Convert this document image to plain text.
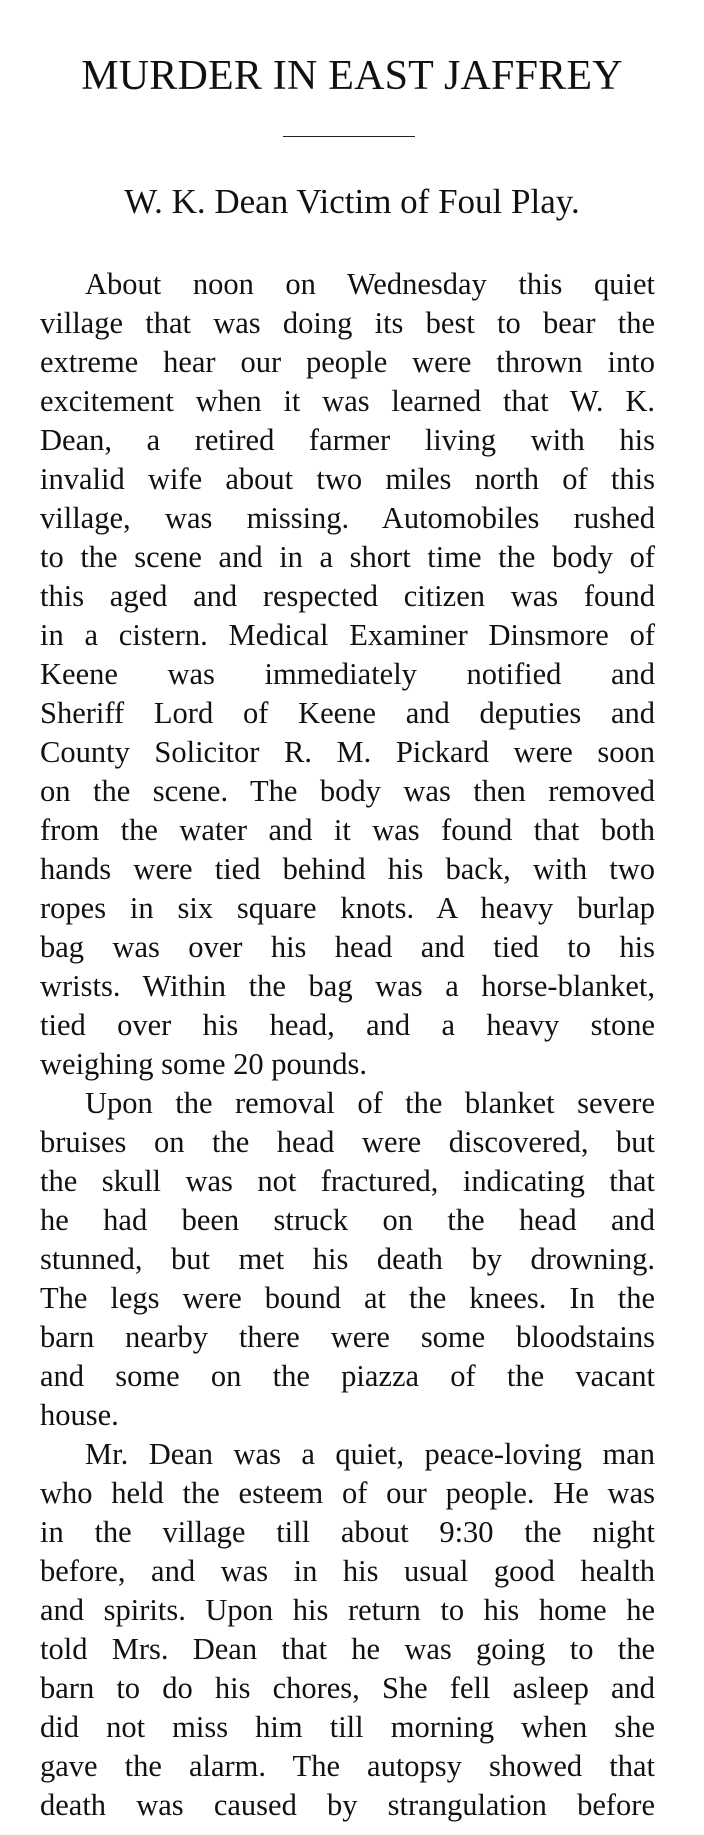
MURDER IN EAST JAFFREY
W. K. Dean Victim of Foul Play.
About noon on Wednesday this quiet
village that was doing its best to bear the
extreme hear our people were thrown into
excitement when it was learned that W. K.
Dean, a retired farmer living with his
invalid wife about two miles north of this
village, was missing. Automobiles rushed
to the scene and in a short time the body of
this aged and respected citizen was found
in a cistern. Medical Examiner Dinsmore of
Keene was immediately notified and
Sheriff Lord of Keene and deputies and
County Solicitor R. M. Pickard were soon
on the scene. The body was then removed
from the water and it was found that both
hands were tied behind his back, with two
ropes in six square knots. A heavy burlap
bag was over his head and tied to his
wrists. Within the bag was a horse-blanket,
tied over his head, and a heavy stone
weighing some 20 pounds.
Upon the removal of the blanket severe
bruises on the head were discovered, but
the skull was not fractured, indicating that
he had been struck on the head and
stunned, but met his death by drowning.
The legs were bound at the knees. In the
barn nearby there were some bloodstains
and some on the piazza of the vacant
house.
Mr. Dean was a quiet, peace-loving man
who held the esteem of our people. He was
in the village till about 9:30 the night
before, and was in his usual good health
and spirits. Upon his return to his home he
told Mrs. Dean that he was going to the
barn to do his chores, She fell asleep and
did not miss him till morning when she
gave the alarm. The autopsy showed that
death was caused by strangulation before
